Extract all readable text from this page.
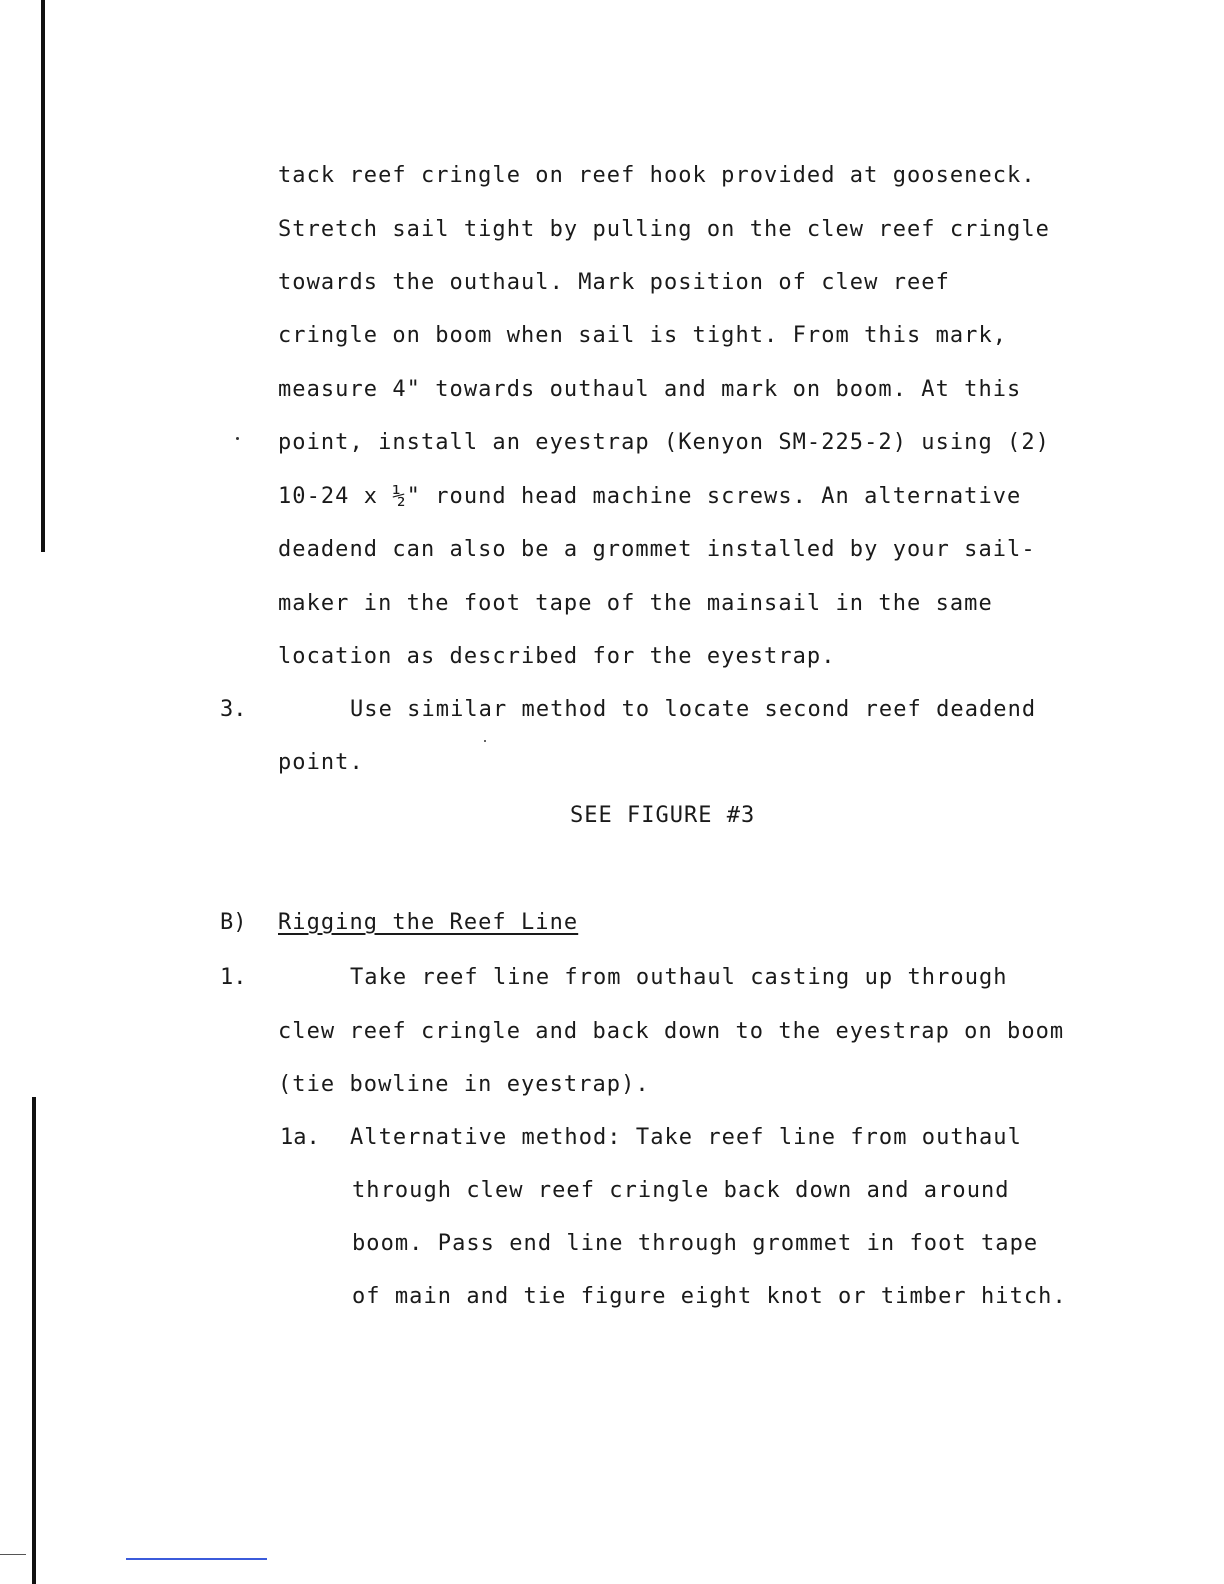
tack reef cringle on reef hook provided at gooseneck.
Stretch sail tight by pulling on the clew reef cringle
towards the outhaul. Mark position of clew reef
cringle on boom when sail is tight. From this mark,
measure 4" towards outhaul and mark on boom. At this
point, install an eyestrap (Kenyon SM-225-2) using (2)
10-24 x ½" round head machine screws. An alternative
deadend can also be a grommet installed by your sail-
maker in the foot tape of the mainsail in the same
location as described for the eyestrap.
3.	Use similar method to locate second reef deadend
point.
SEE FIGURE #3
B) Rigging the Reef Line
1.	Take reef line from outhaul casting up through
clew reef cringle and back down to the eyestrap on boom
(tie bowline in eyestrap).
1a. Alternative method: Take reef line from outhaul
through clew reef cringle back down and around
boom. Pass end line through grommet in foot tape
of main and tie figure eight knot or timber hitch.
